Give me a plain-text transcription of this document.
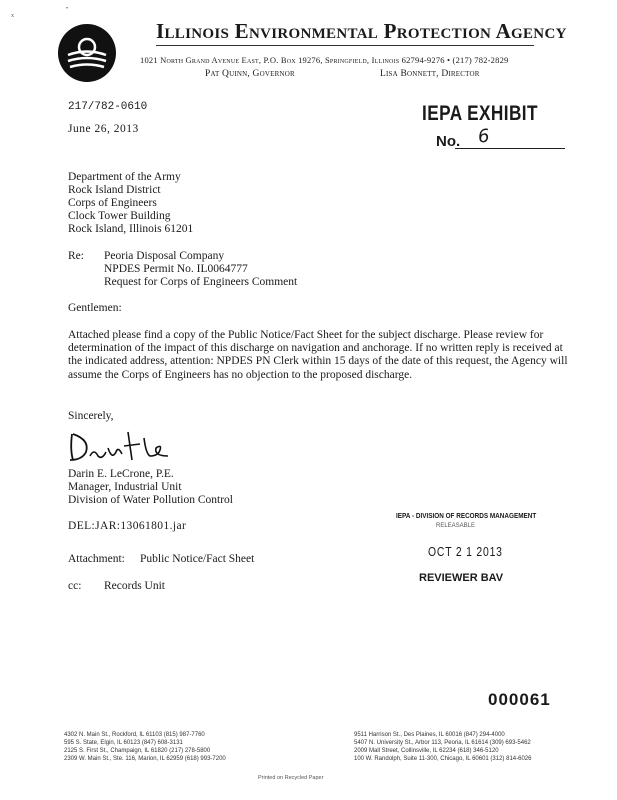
x
•
Illinois Environmental Protection Agency
1021 North Grand Avenue East, P.O. Box 19276, Springfield, Illinois 62794-9276 • (217) 782-2829
Pat Quinn, Governor	Lisa Bonnett, Director
217/782-0610
June 26, 2013
IEPA EXHIBIT
No. 6
Department of the Army
Rock Island District
Corps of Engineers
Clock Tower Building
Rock Island, Illinois 61201
Re: Peoria Disposal Company
NPDES Permit No. IL0064777
Request for Corps of Engineers Comment
Gentlemen:
Attached please find a copy of the Public Notice/Fact Sheet for the subject discharge. Please review for determination of the impact of this discharge on navigation and anchorage. If no written reply is received at the indicated address, attention: NPDES PN Clerk within 15 days of the date of this request, the Agency will assume the Corps of Engineers has no objection to the proposed discharge.
Sincerely,
Darin E. LeCrone, P.E.
Manager, Industrial Unit
Division of Water Pollution Control
DEL:JAR:13061801.jar
Attachment: Public Notice/Fact Sheet
cc: Records Unit
IEPA - DIVISION OF RECORDS MANAGEMENT
RELEASABLE
OCT 2 1 2013
REVIEWER BAV
000061
4302 N. Main St., Rockford, IL 61103 (815) 987-7760
595 S. State, Elgin, IL 60123 (847) 608-3131
2125 S. First St., Champaign, IL 61820 (217) 278-5800
2309 W. Main St., Ste. 116, Marion, IL 62959 (618) 993-7200
9511 Harrison St., Des Plaines, IL 60016 (847) 294-4000
5407 N. University St., Arbor 113, Peoria, IL 61614 (309) 693-5462
2009 Mall Street, Collinsville, IL 62234 (618) 346-5120
100 W. Randolph, Suite 11-300, Chicago, IL 60601 (312) 814-6026
Printed on Recycled Paper
